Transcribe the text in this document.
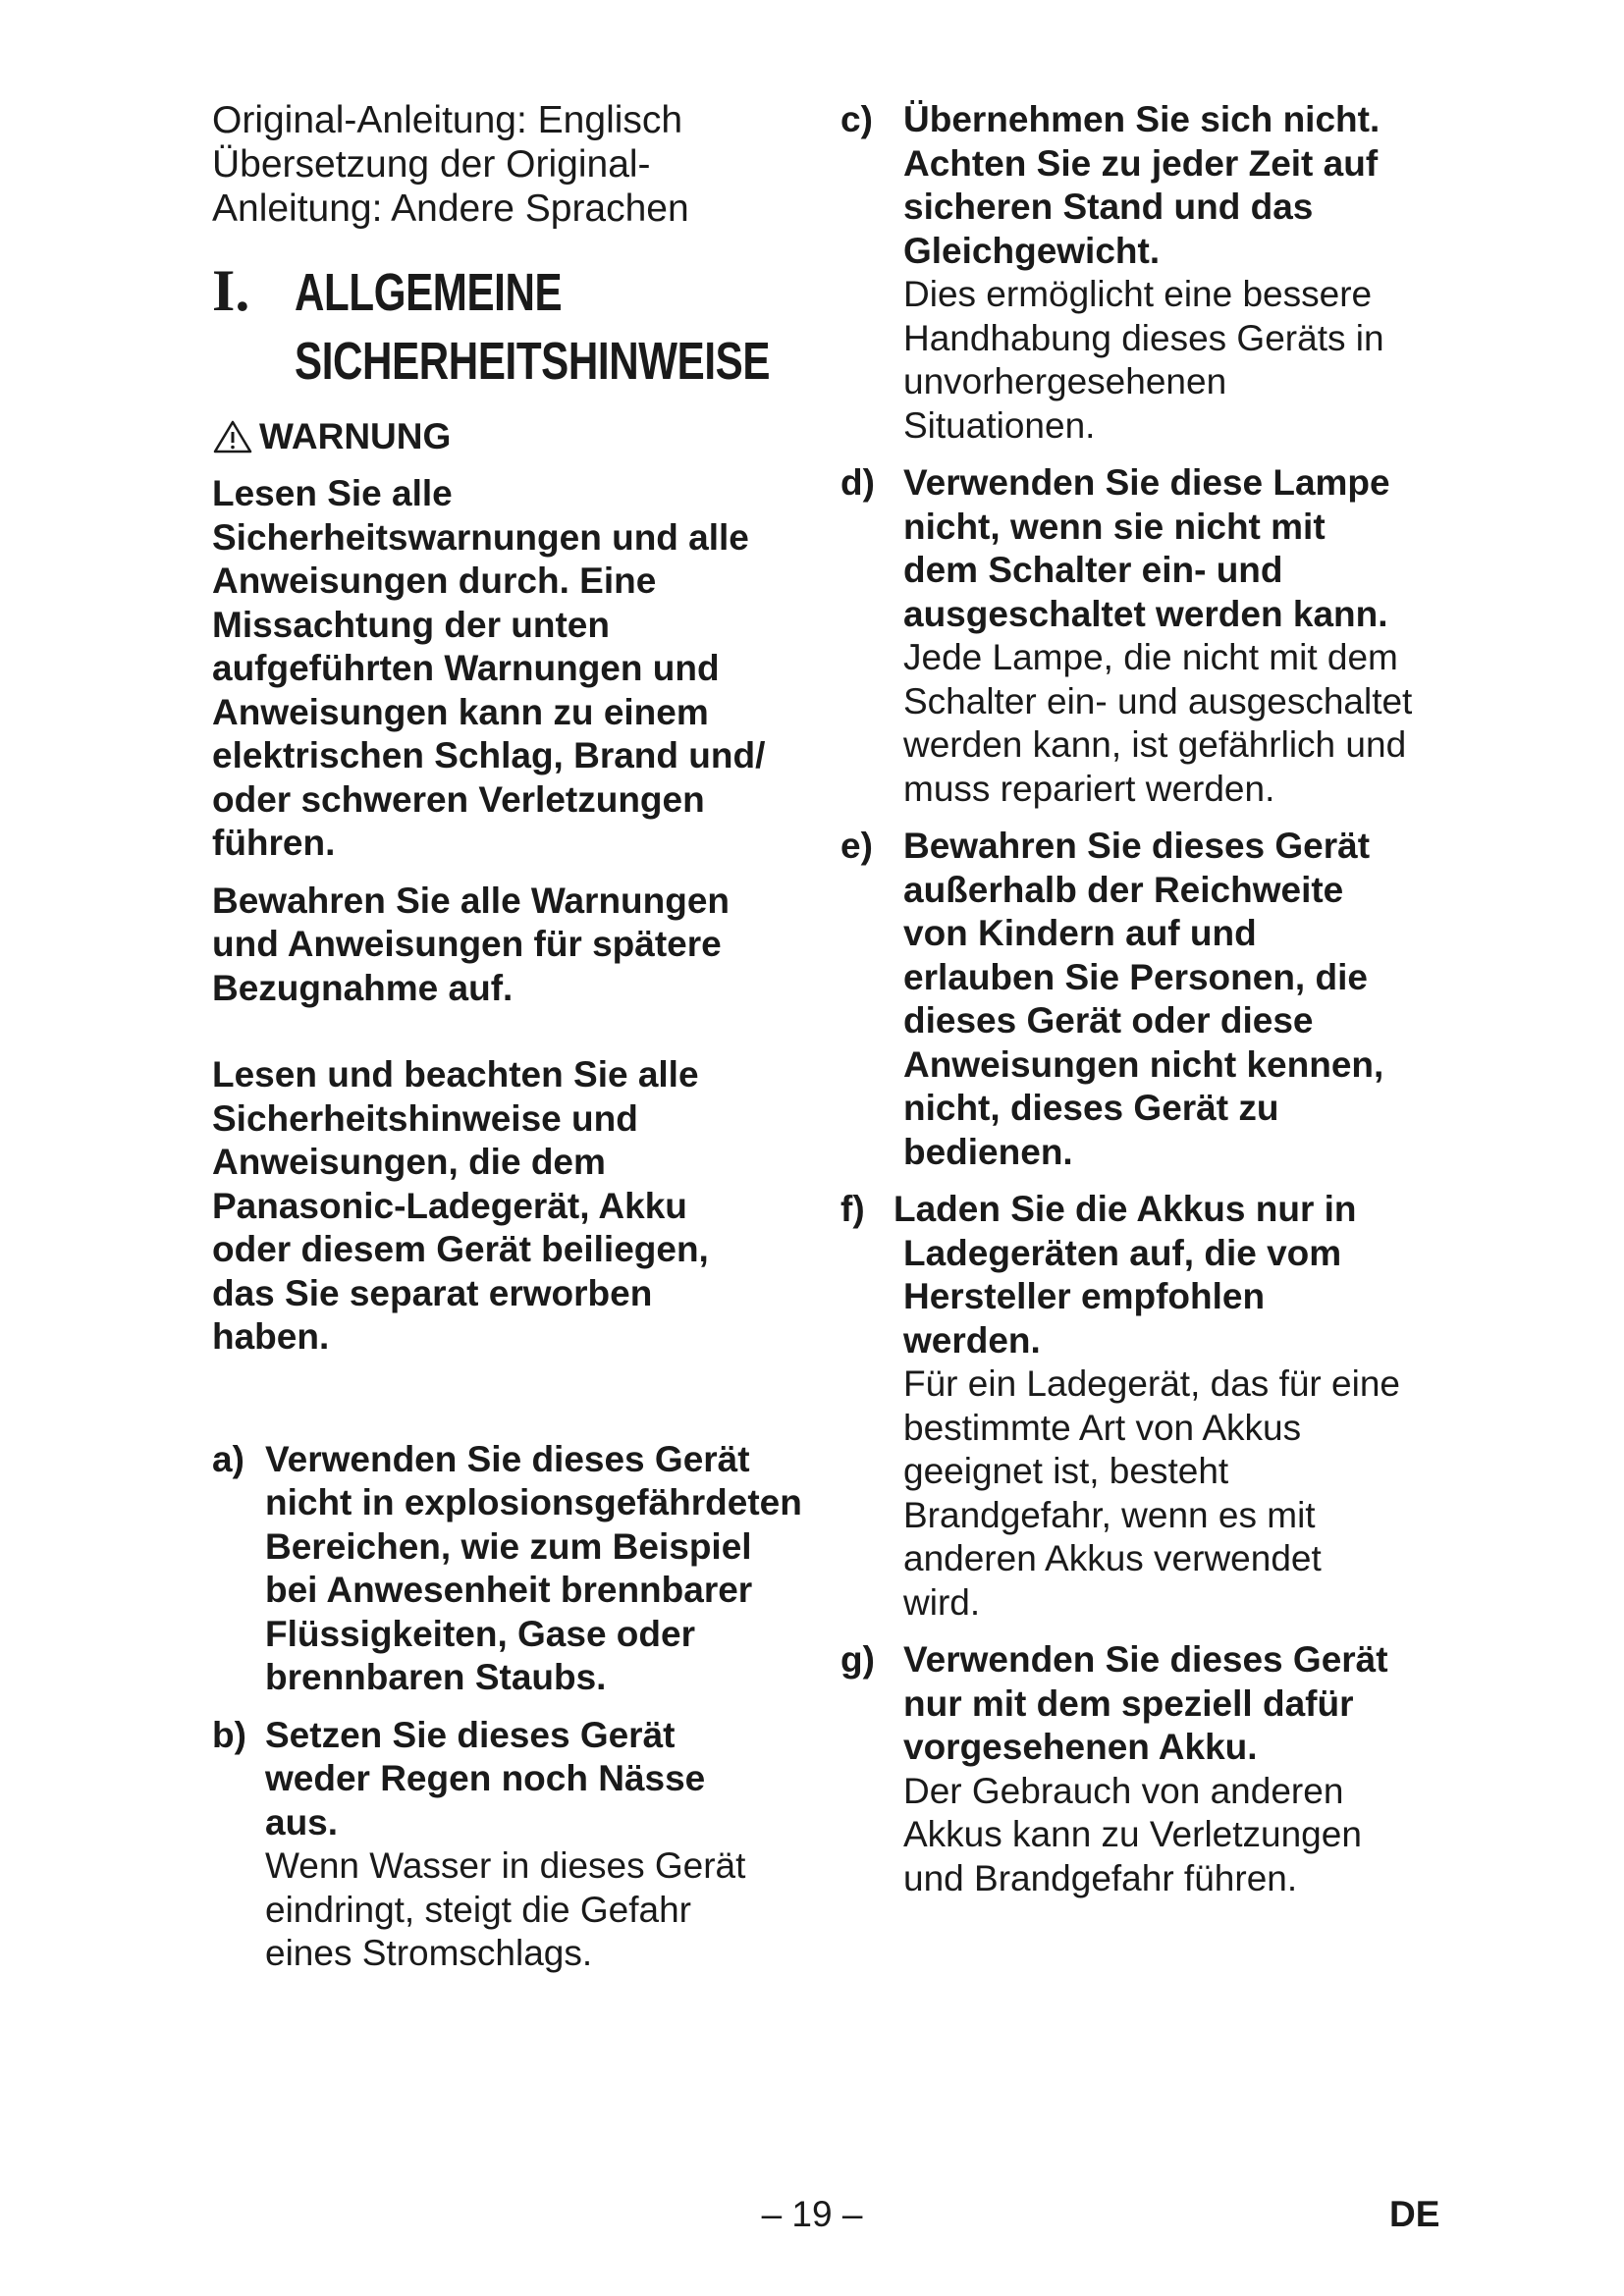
Original-Anleitung: Englisch
Übersetzung der Original-
Anleitung: Andere Sprachen
I. ALLGEMEINE
SICHERHEITSHINWEISE
WARNUNG
Lesen Sie alle
Sicherheitswarnungen und alle
Anweisungen durch. Eine
Missachtung der unten
aufgeführten Warnungen und
Anweisungen kann zu einem
elektrischen Schlag, Brand und/
oder schweren Verletzungen
führen.
Bewahren Sie alle Warnungen
und Anweisungen für spätere
Bezugnahme auf.
Lesen und beachten Sie alle
Sicherheitshinweise und
Anweisungen, die dem
Panasonic-Ladegerät, Akku
oder diesem Gerät beiliegen,
das Sie separat erworben
haben.
a) Verwenden Sie dieses Gerät
nicht in explosionsgefährdeten
Bereichen, wie zum Beispiel
bei Anwesenheit brennbarer
Flüssigkeiten, Gase oder
brennbaren Staubs.
b) Setzen Sie dieses Gerät
weder Regen noch Nässe
aus.
Wenn Wasser in dieses Gerät
eindringt, steigt die Gefahr
eines Stromschlags.
c) Übernehmen Sie sich nicht.
Achten Sie zu jeder Zeit auf
sicheren Stand und das
Gleichgewicht.
Dies ermöglicht eine bessere
Handhabung dieses Geräts in
unvorhergesehenen
Situationen.
d) Verwenden Sie diese Lampe
nicht, wenn sie nicht mit
dem Schalter ein- und
ausgeschaltet werden kann.
Jede Lampe, die nicht mit dem
Schalter ein- und ausgeschaltet
werden kann, ist gefährlich und
muss repariert werden.
e) Bewahren Sie dieses Gerät
außerhalb der Reichweite
von Kindern auf und
erlauben Sie Personen, die
dieses Gerät oder diese
Anweisungen nicht kennen,
nicht, dieses Gerät zu
bedienen.
f) Laden Sie die Akkus nur in
Ladegeräten auf, die vom
Hersteller empfohlen
werden.
Für ein Ladegerät, das für eine
bestimmte Art von Akkus
geeignet ist, besteht
Brandgefahr, wenn es mit
anderen Akkus verwendet
wird.
g) Verwenden Sie dieses Gerät
nur mit dem speziell dafür
vorgesehenen Akku.
Der Gebrauch von anderen
Akkus kann zu Verletzungen
und Brandgefahr führen.
– 19 –	DE
